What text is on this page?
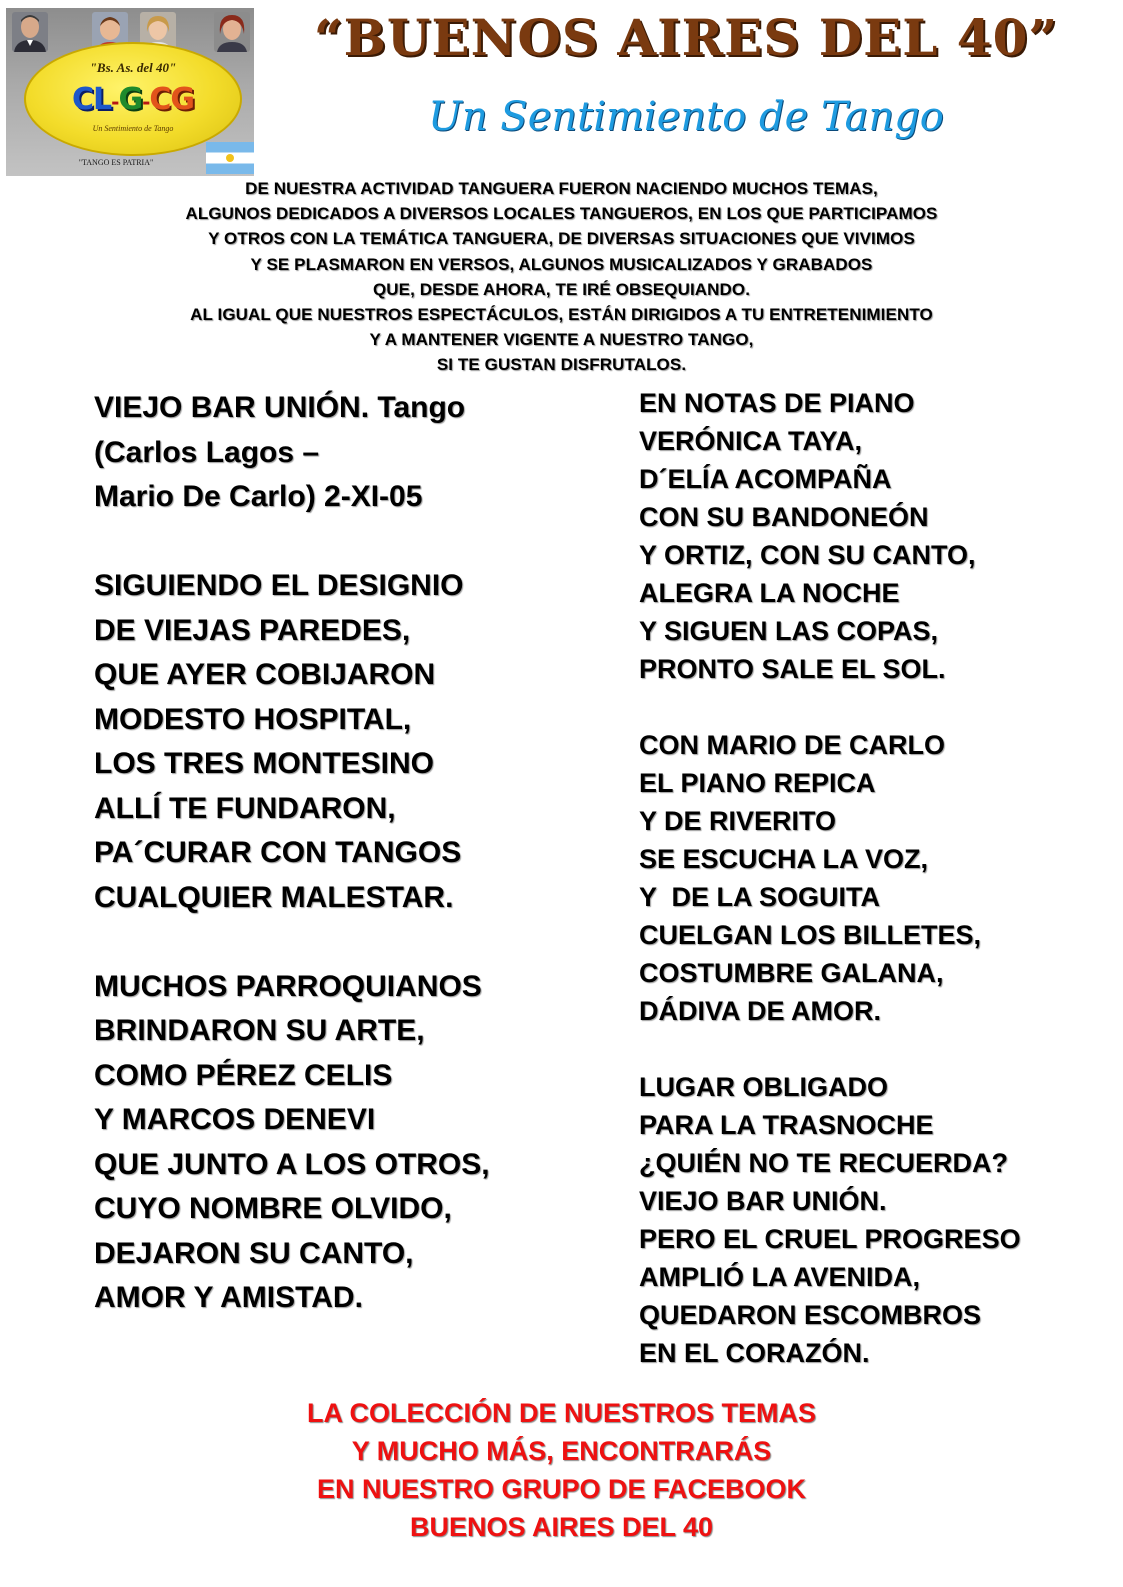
"Bs. As. del 40"
CL-G-CG
Un Sentimiento de Tango
"TANGO ES PATRIA"
“BUENOS AIRES DEL 40”
Un Sentimiento de Tango
DE NUESTRA ACTIVIDAD TANGUERA FUERON NACIENDO MUCHOS TEMAS,
ALGUNOS DEDICADOS A DIVERSOS LOCALES TANGUEROS, EN LOS QUE PARTICIPAMOS
Y OTROS CON LA TEMÁTICA TANGUERA, DE DIVERSAS SITUACIONES QUE VIVIMOS
Y SE PLASMARON EN VERSOS, ALGUNOS MUSICALIZADOS Y GRABADOS
QUE, DESDE AHORA, TE IRÉ OBSEQUIANDO.
AL IGUAL QUE NUESTROS ESPECTÁCULOS, ESTÁN DIRIGIDOS A TU ENTRETENIMIENTO
Y A MANTENER VIGENTE A NUESTRO TANGO,
SI TE GUSTAN DISFRUTALOS.
VIEJO BAR UNIÓN. Tango
(Carlos Lagos –
Mario De Carlo) 2-XI-05
SIGUIENDO EL DESIGNIO
DE VIEJAS PAREDES,
QUE AYER COBIJARON
MODESTO HOSPITAL,
LOS TRES MONTESINO
ALLÍ TE FUNDARON,
PA´CURAR CON TANGOS
CUALQUIER MALESTAR.
MUCHOS PARROQUIANOS
BRINDARON SU ARTE,
COMO PÉREZ CELIS
Y MARCOS DENEVI
QUE JUNTO A LOS OTROS,
CUYO NOMBRE OLVIDO,
DEJARON SU CANTO,
AMOR Y AMISTAD.
EN NOTAS DE PIANO
VERÓNICA TAYA,
D´ELÍA ACOMPAÑA
CON SU BANDONEÓN
Y ORTIZ, CON SU CANTO,
ALEGRA LA NOCHE
Y SIGUEN LAS COPAS,
PRONTO SALE EL SOL.
CON MARIO DE CARLO
EL PIANO REPICA
Y DE RIVERITO
SE ESCUCHA LA VOZ,
Y  DE LA SOGUITA
CUELGAN LOS BILLETES,
COSTUMBRE GALANA,
DÁDIVA DE AMOR.
LUGAR OBLIGADO
PARA LA TRASNOCHE
¿QUIÉN NO TE RECUERDA?
VIEJO BAR UNIÓN.
PERO EL CRUEL PROGRESO
AMPLIÓ LA AVENIDA,
QUEDARON ESCOMBROS
EN EL CORAZÓN.
LA COLECCIÓN DE NUESTROS TEMAS
Y MUCHO MÁS, ENCONTRARÁS
EN NUESTRO GRUPO DE FACEBOOK
BUENOS AIRES DEL 40
